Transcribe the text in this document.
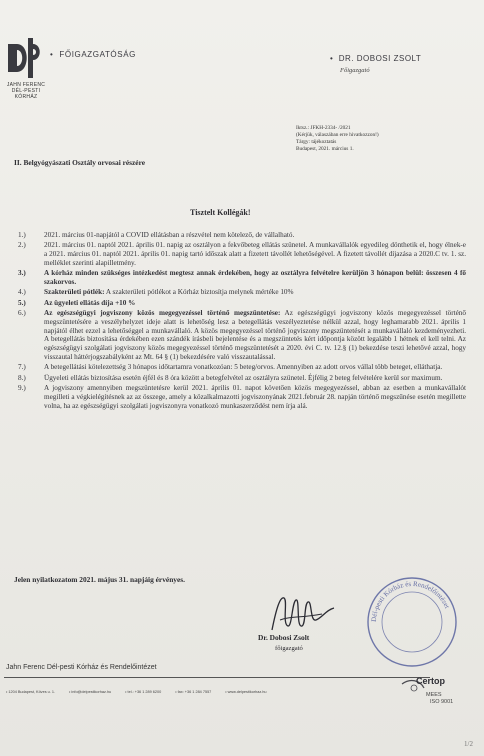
JAHN FERENC DÉL-PESTI KÓRHÁZ
• FŐIGAZGATÓSÁG	•  DR. DOBOSI ZSOLT
Főigazgató
Iktsz.: JFKH-2334- /2021
(Kérjük, válaszában erre hivatkozzon!)
Tárgy: tájékoztatás
Budapest, 2021. március 1.
II. Belgyógyászati Osztály orvosai részére
Tisztelt Kollégák!
1.)	2021. március 01-napjától a COVID ellátásban a részvétel nem kötelező, de vállalható.
2.)	2021. március 01. naptól 2021. április 01. napig az osztályon a fekvőbeteg ellátás szünetel. A munkavállalók egyedileg dönthetik el, hogy élnek-e a 2021. március 01. naptól 2021. április 01. napig tartó időszak alatt a fizetett távollét lehetőségével. A fizetett távollét díjazása a 2020.C tv. 1. sz. melléklet szerinti alapilletmény.
3.)	A kórház minden szükséges intézkedést megtesz annak érdekében, hogy az osztályra felvételre kerüljön 3 hónapon belül: összesen 4 fő szakorvos.
4.)	Szakterületi pótlék: A szakterületi pótlékot a Kórház biztosítja melynek mértéke 10%
5.)	Az ügyeleti ellátás díja +10 %
6.)	Az egészségügyi jogviszony közös megegyezéssel történő megszüntetése: Az egészségügyi jogviszony közös megegyezéssel történő megszüntetésére a veszélyhelyzet ideje alatt is lehetőség lesz a betegellátás veszélyeztetése nélkül azzal, hogy leghamarabb 2021. április 1 napjától élhet ezzel a lehetőséggel a munkavállaló. A közös megegyezéssel történő jogviszony megszüntetését a munkavállaló kezdeményezheti. A betegellátás biztosítása érdekében ezen szándék írásbeli bejelentése és a megszüntetés kért időpontja között legalább 1 hétnek el kell telni. Az egészségügyi szolgálati jogviszony közös megegyezéssel történő megszüntetését a 2020. évi C. tv. 12.§ (1) bekezdése teszi lehetővé azzal, hogy visszautal háttérjogszabályként az Mt. 64 § (1) bekezdésére való visszautalással.
7.)	A betegellátási kötelezettség 3 hónapos időtartamra vonatkozóan: 5 beteg/orvos. Amennyiben az adott orvos vállal több beteget, elláthatja.
8.)	Ügyeleti ellátás biztosítása esetén éjfél és 8 óra között a betegfelvétel az osztályra szünetel. Éjfélig 2 beteg felvételére kerül sor maximum.
9.)	A jogviszony amennyiben megszüntetésre kerül 2021. április 01. napot követően közös megegyezéssel, abban az esetben a munkavállalót megilleti a végkielégítésnek az az összege, amely a közalkalmazotti jogviszonyának 2021.február 28. napján történő megszűnése esetén megillette volna, ha az egészségügyi szolgálati jogviszonyra vonatkozó munkaszerződést nem írja alá.
Jelen nyilatkozatom 2021. május 31. napjáig érvényes.
Dr. Dobosi Zsolt
főigazgató
Dél-pesti Kórház és Rendelőintézet
Jahn Ferenc Dél-pesti Kórház és Rendelőintézet
• 1204 Budapest, Köves u. 1.	• info@delpestikorhaz.hu	• tel.: +36 1 289 6200	• fax: +36 1 284 7557	• www.delpestikorhaz.hu
Certop
MEES
ISO 9001
1/2
